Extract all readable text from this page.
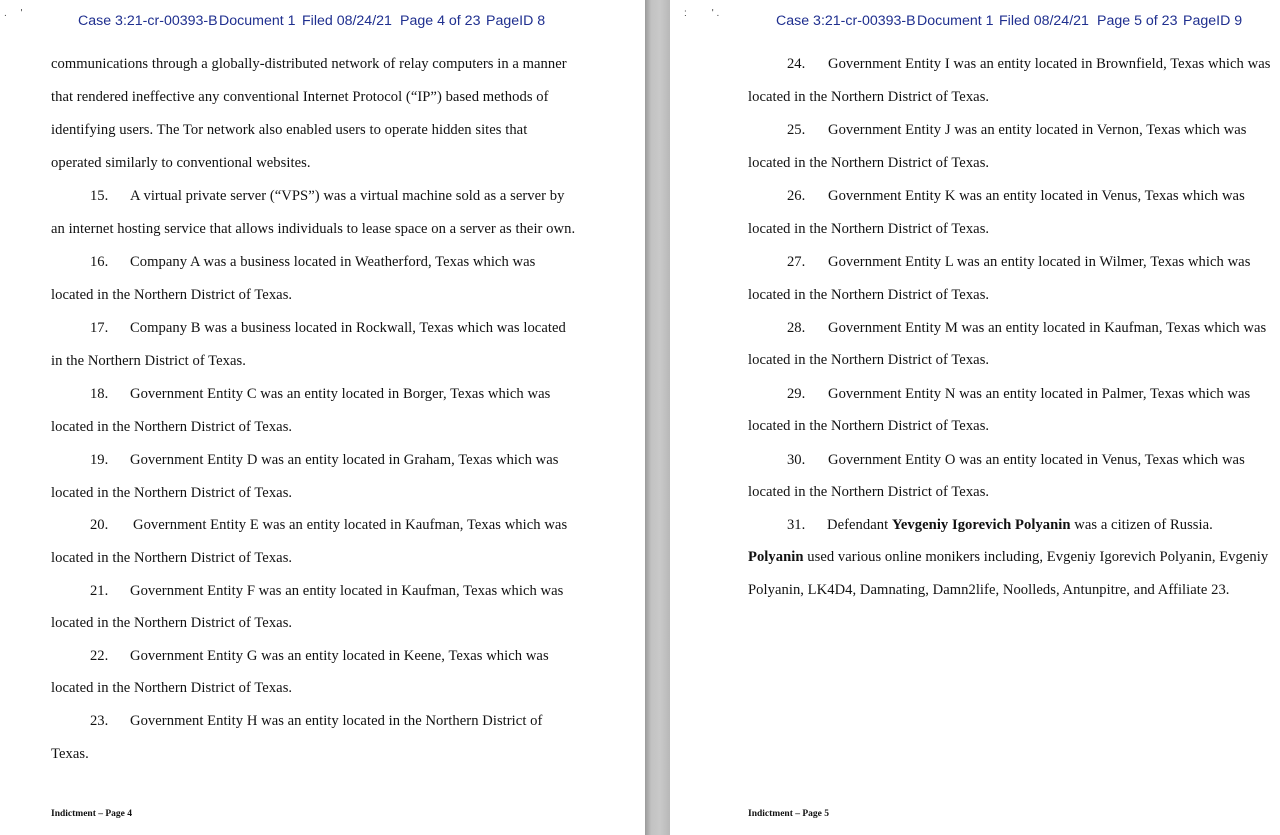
.     '

	Case 3:21-cr-00393-B

Document 1

Filed 08/24/21

Page 4 of 23

PageID 8

communications through a globally-distributed network of relay computers in a manner
that rendered ineffective any conventional Internet Protocol (“IP”) based methods of
identifying users. The Tor network also enabled users to operate hidden sites that
operated similarly to conventional websites.
15. A virtual private server (“VPS”) was a virtual machine sold as a server by
an internet hosting service that allows individuals to lease space on a server as their own.
16. Company A was a business located in Weatherford, Texas which was
located in the Northern District of Texas.
17. Company B was a business located in Rockwall, Texas which was located
in the Northern District of Texas.
18. Government Entity C was an entity located in Borger, Texas which was
located in the Northern District of Texas.
19. Government Entity D was an entity located in Graham, Texas which was
located in the Northern District of Texas.
20. Government Entity E was an entity located in Kaufman, Texas which was
located in the Northern District of Texas.
21. Government Entity F was an entity located in Kaufman, Texas which was
located in the Northern District of Texas.
22. Government Entity G was an entity located in Keene, Texas which was
located in the Northern District of Texas.
23. Government Entity H was an entity located in the Northern District of
Texas.
Indictment – Page 4
:         ' .

	Case 3:21-cr-00393-B

Document 1

Filed 08/24/21

Page 5 of 23

PageID 9

24. Government Entity I was an entity located in Brownfield, Texas which was
located in the Northern District of Texas.
25. Government Entity J was an entity located in Vernon, Texas which was
located in the Northern District of Texas.
26. Government Entity K was an entity located in Venus, Texas which was
located in the Northern District of Texas.
27. Government Entity L was an entity located in Wilmer, Texas which was
located in the Northern District of Texas.
28. Government Entity M was an entity located in Kaufman, Texas which was
located in the Northern District of Texas.
29. Government Entity N was an entity located in Palmer, Texas which was
located in the Northern District of Texas.
30. Government Entity O was an entity located in Venus, Texas which was
located in the Northern District of Texas.
31. Defendant Yevgeniy Igorevich Polyanin was a citizen of Russia.
Polyanin used various online monikers including, Evgeniy Igorevich Polyanin, Evgeniy
Polyanin, LK4D4, Damnating, Damn2life, Noolleds, Antunpitre, and Affiliate 23.
Indictment – Page 5
